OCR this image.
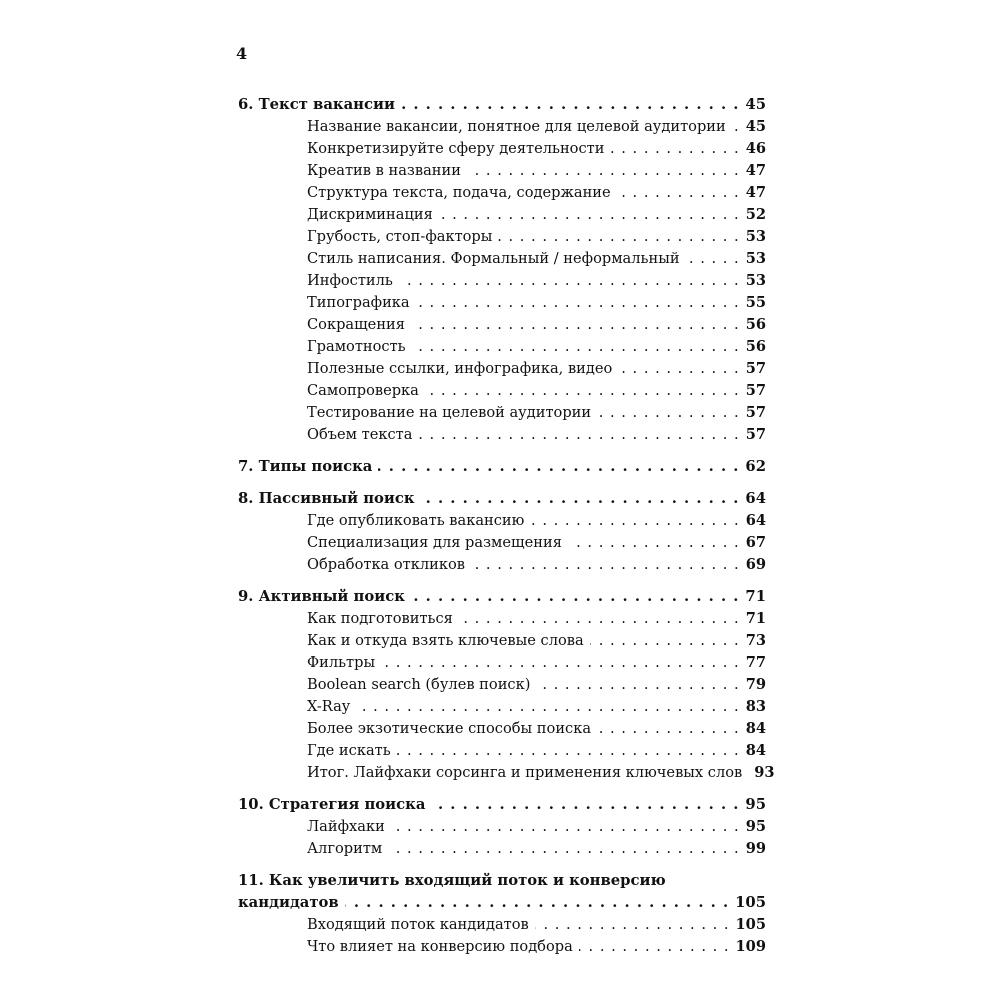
4
6. Текст вакансии . . .	45
Название вакансии, понятное для целевой аудитории . . .	45
Конкретизируйте сферу деятельности . . .	46
Креатив в названии . . .	47
Структура текста, подача, содержание . . .	47
Дискриминация . . .	52
Грубость, стоп-факторы . . .	53
Стиль написания. Формальный / неформальный . . .	53
Инфостиль . . .	53
Типографика . . .	55
Сокращения . . .	56
Грамотность . . .	56
Полезные ссылки, инфографика, видео . . .	57
Самопроверка . . .	57
Тестирование на целевой аудитории . . .	57
Объем текста . . .	57
7. Типы поиска . . .	62
8. Пассивный поиск . . .	64
Где опубликовать вакансию . . .	64
Специализация для размещения . . .	67
Обработка откликов . . .	69
9. Активный поиск . . .	71
Как подготовиться . . .	71
Как и откуда взять ключевые слова . . .	73
Фильтры . . .	77
Boolean search (булев поиск) . . .	79
X-Ray . . .	83
Более экзотические способы поиска . . .	84
Где искать . . .	84
Итог. Лайфхаки сорсинга и применения ключевых слов 93
10. Стратегия поиска . . .	95
Лайфхаки . . .	95
Алгоритм . . .	99
11. Как увеличить входящий поток и конверсию
кандидатов . . .	105
Входящий поток кандидатов . . .	105
Что влияет на конверсию подбора . . .	109
